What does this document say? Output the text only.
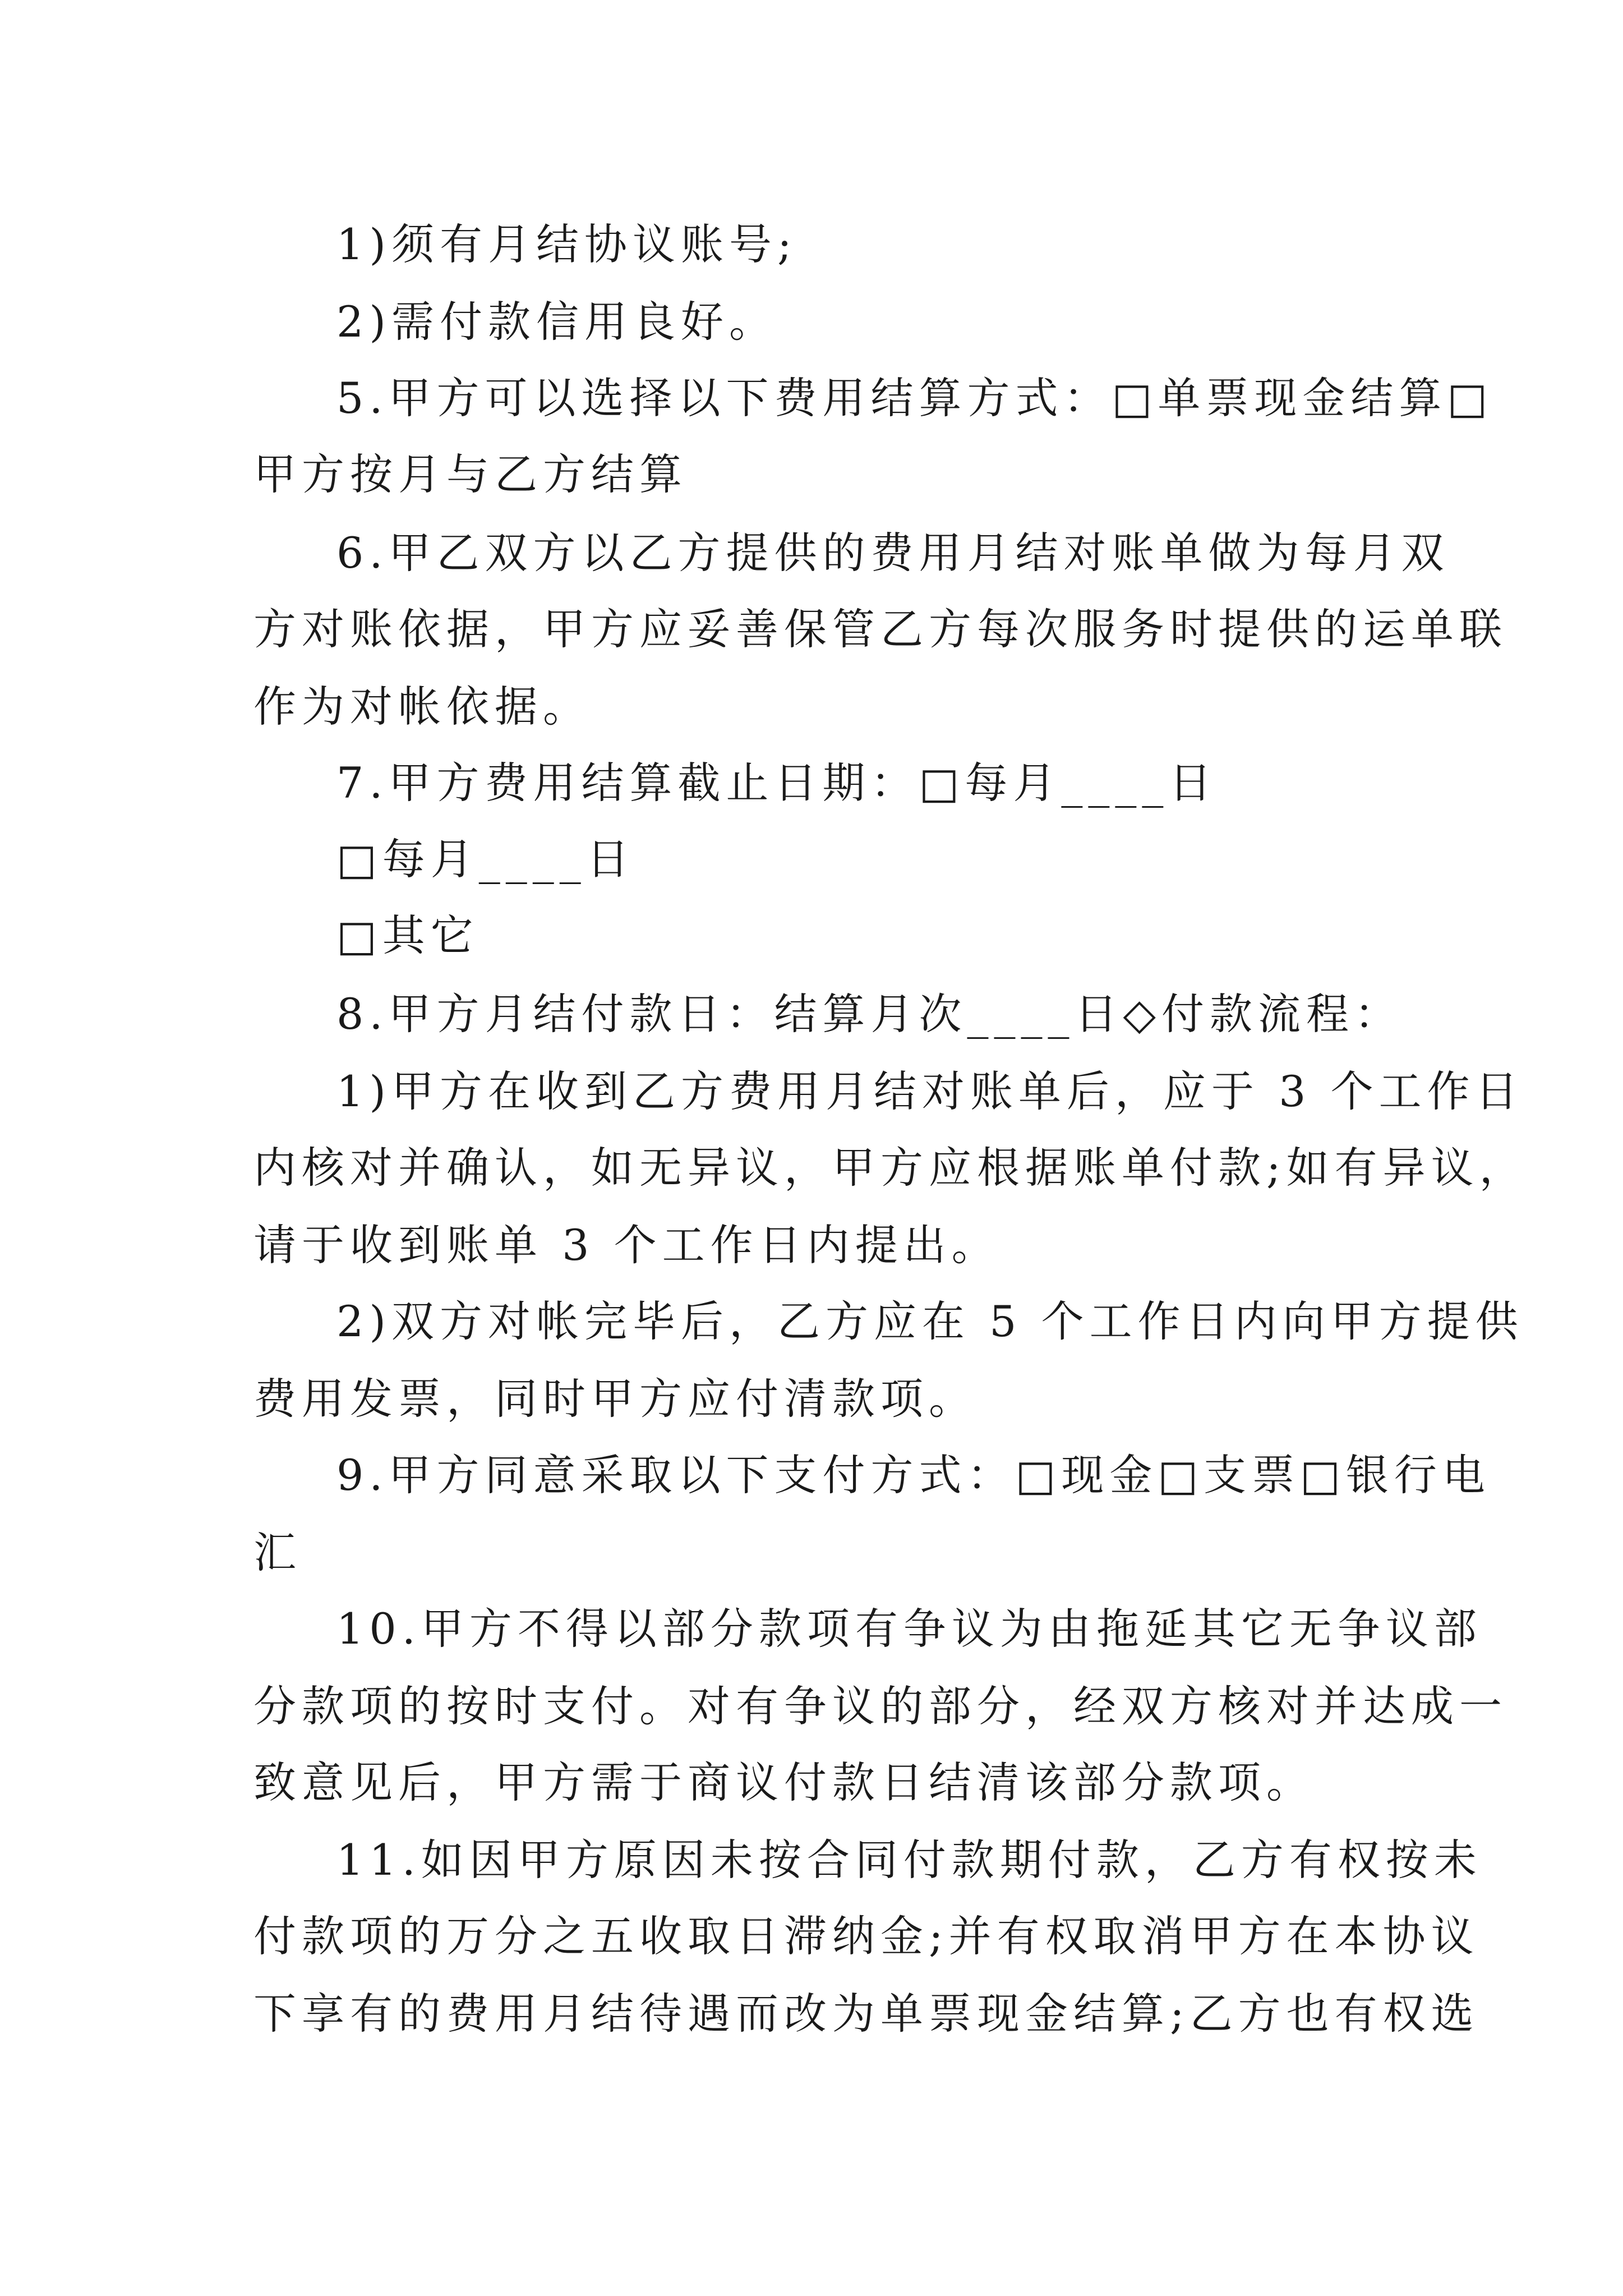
1)须有月结协议账号;

2)需付款信用良好。

5.甲方可以选择以下费用结算方式：□单票现金结算□

甲方按月与乙方结算

6.甲乙双方以乙方提供的费用月结对账单做为每月双

方对账依据，甲方应妥善保管乙方每次服务时提供的运单联

作为对帐依据。

7.甲方费用结算截止日期：□每月____日

□每月____日

□其它

8.甲方月结付款日：结算月次____日◇付款流程：

1)甲方在收到乙方费用月结对账单后，应于 3 个工作日

内核对并确认，如无异议，甲方应根据账单付款;如有异议，

请于收到账单 3 个工作日内提出。

2)双方对帐完毕后，乙方应在 5 个工作日内向甲方提供

费用发票，同时甲方应付清款项。

9.甲方同意采取以下支付方式：□现金□支票□银行电

汇

10.甲方不得以部分款项有争议为由拖延其它无争议部

分款项的按时支付。对有争议的部分，经双方核对并达成一

致意见后，甲方需于商议付款日结清该部分款项。

11.如因甲方原因未按合同付款期付款，乙方有权按未

付款项的万分之五收取日滞纳金;并有权取消甲方在本协议

下享有的费用月结待遇而改为单票现金结算;乙方也有权选
